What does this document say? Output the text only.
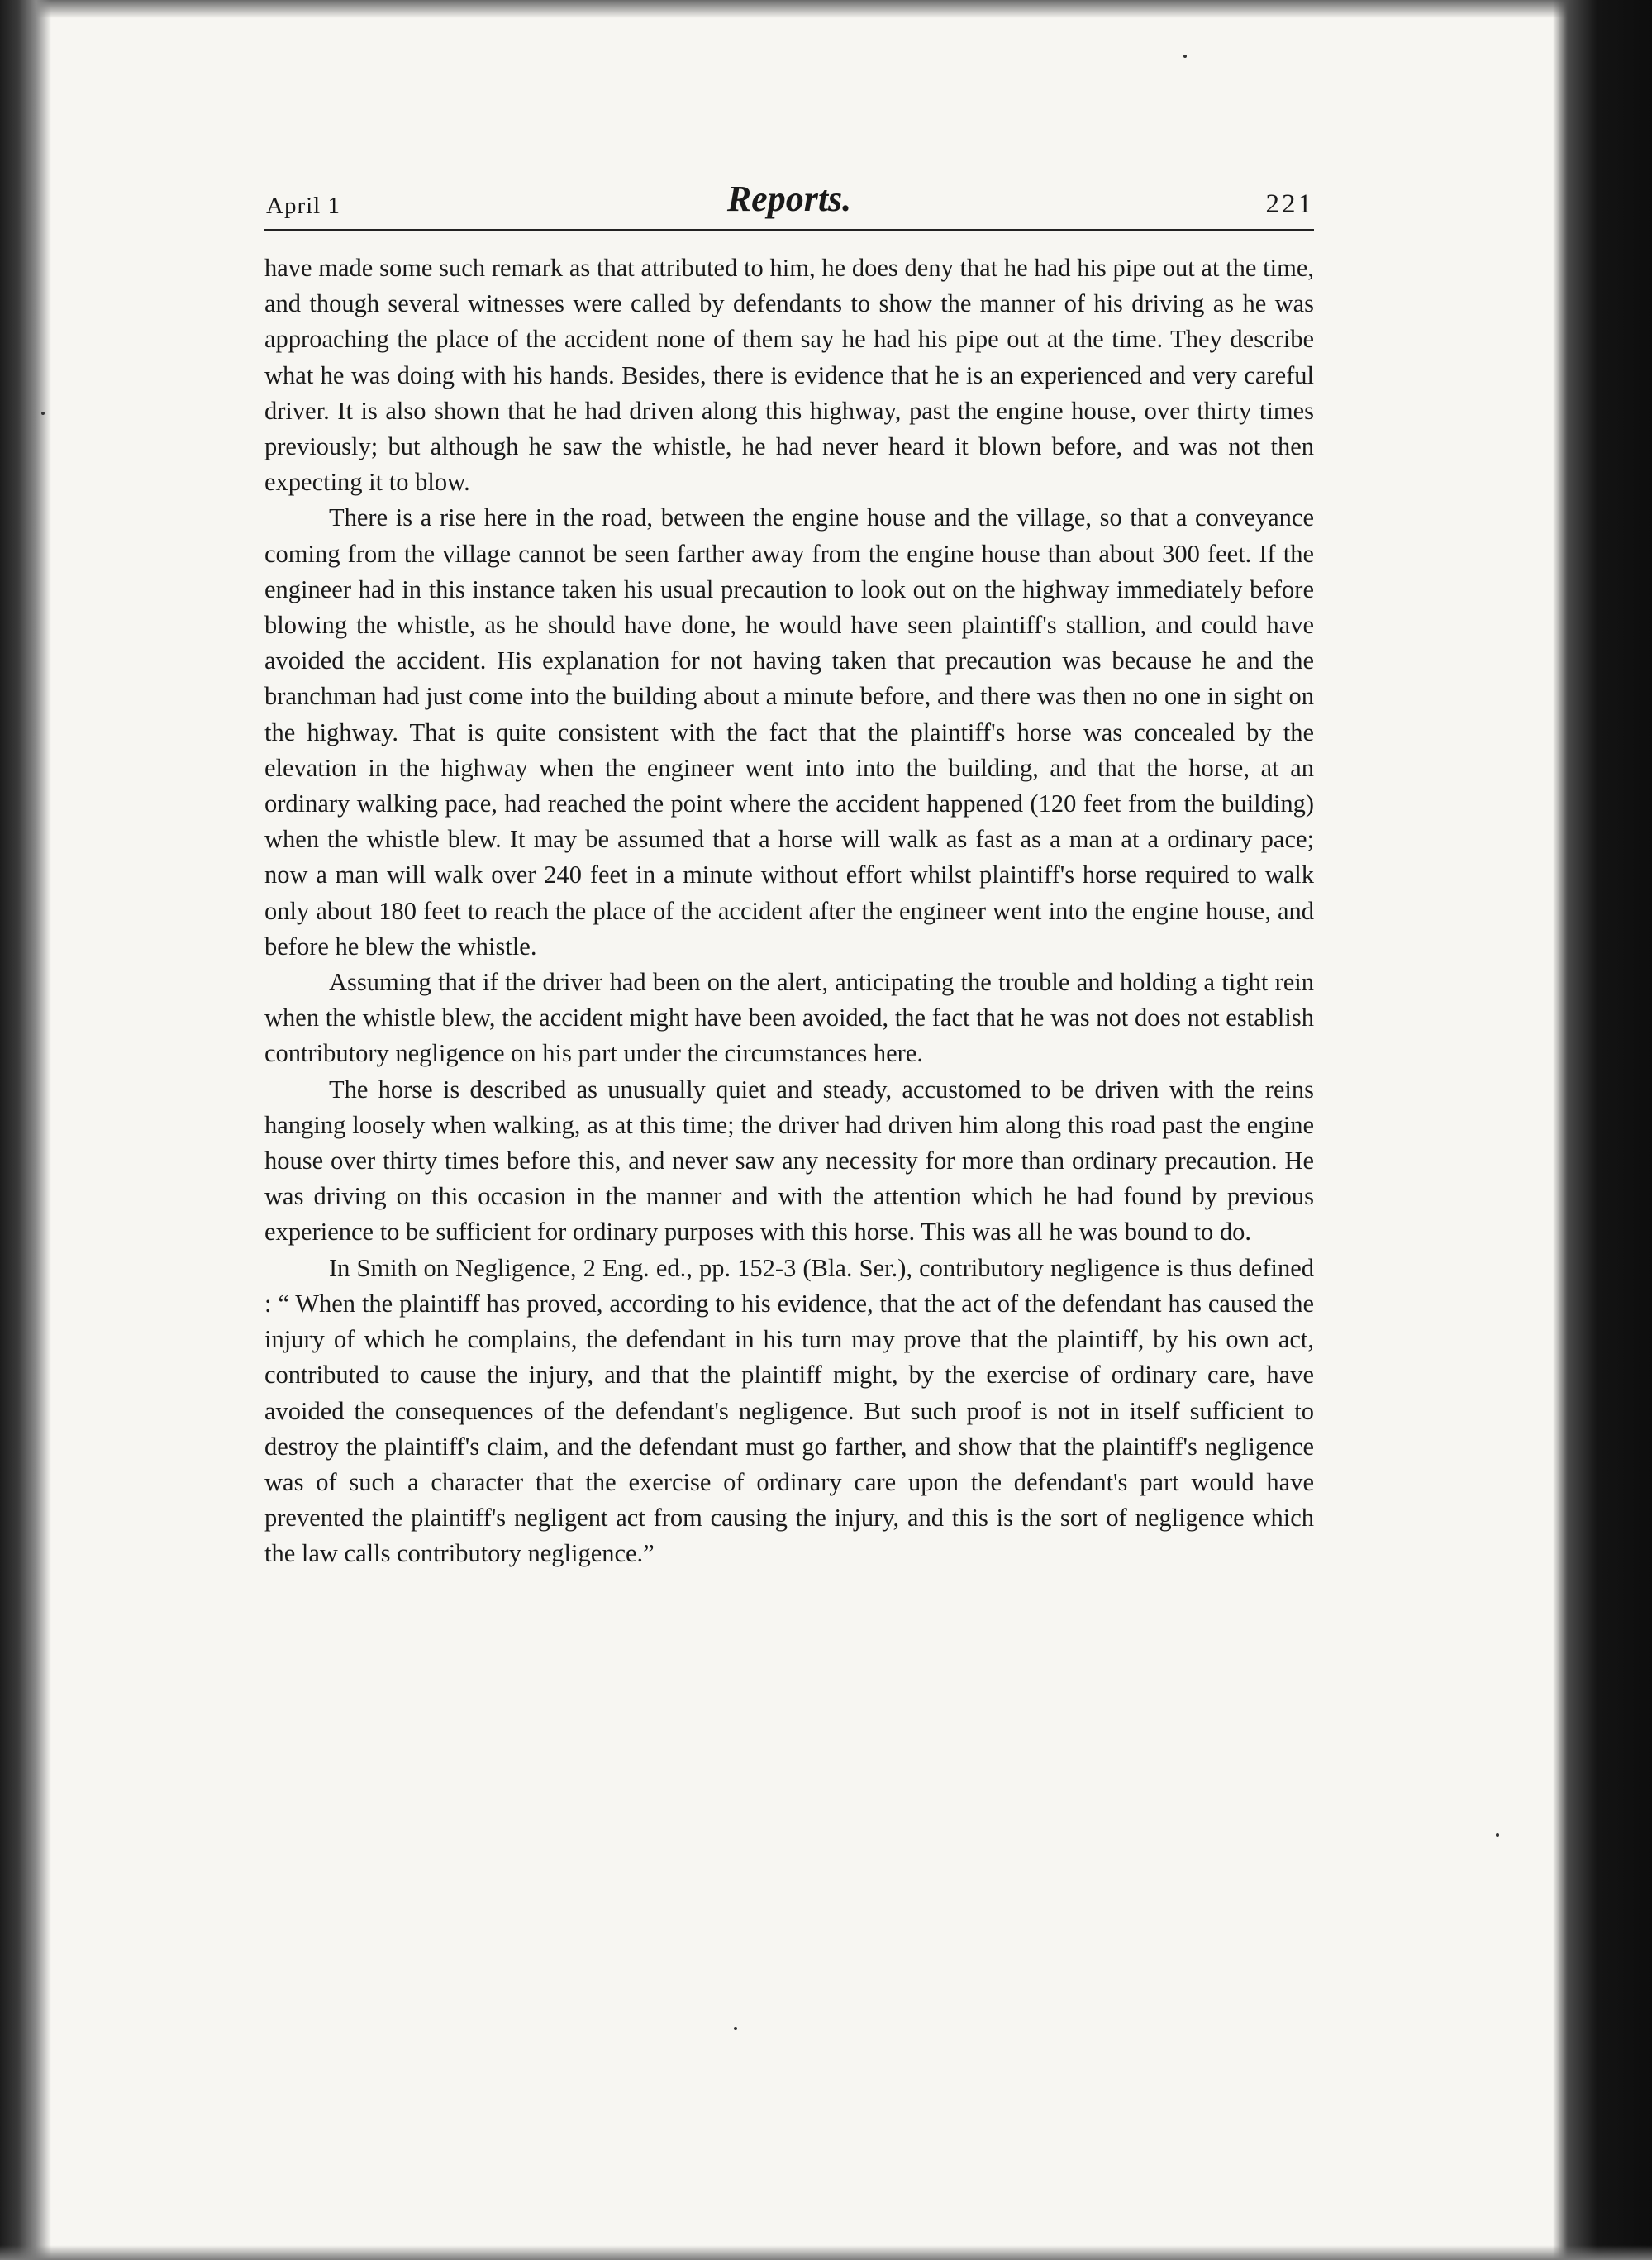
April 1	Reports.	221

have made some such remark as that attributed to him, he does deny that he had his pipe out at the time, and though several witnesses were called by defendants to show the manner of his driving as he was approaching the place of the accident none of them say he had his pipe out at the time. They describe what he was doing with his hands. Besides, there is evidence that he is an experienced and very careful driver. It is also shown that he had driven along this highway, past the engine house, over thirty times previously; but although he saw the whistle, he had never heard it blown before, and was not then expecting it to blow.

There is a rise here in the road, between the engine house and the village, so that a conveyance coming from the village cannot be seen farther away from the engine house than about 300 feet. If the engineer had in this instance taken his usual precaution to look out on the highway immediately before blowing the whistle, as he should have done, he would have seen plaintiff's stallion, and could have avoided the accident. His explanation for not having taken that precaution was because he and the branchman had just come into the building about a minute before, and there was then no one in sight on the highway. That is quite consistent with the fact that the plaintiff's horse was concealed by the elevation in the highway when the engineer went into into the building, and that the horse, at an ordinary walking pace, had reached the point where the accident happened (120 feet from the building) when the whistle blew. It may be assumed that a horse will walk as fast as a man at a ordinary pace; now a man will walk over 240 feet in a minute without effort whilst plaintiff's horse required to walk only about 180 feet to reach the place of the accident after the engineer went into the engine house, and before he blew the whistle.

Assuming that if the driver had been on the alert, anticipating the trouble and holding a tight rein when the whistle blew, the accident might have been avoided, the fact that he was not does not establish contributory negligence on his part under the circumstances here.

The horse is described as unusually quiet and steady, accustomed to be driven with the reins hanging loosely when walking, as at this time; the driver had driven him along this road past the engine house over thirty times before this, and never saw any necessity for more than ordinary precaution. He was driving on this occasion in the manner and with the attention which he had found by previous experience to be sufficient for ordinary purposes with this horse. This was all he was bound to do.

In Smith on Negligence, 2 Eng. ed., pp. 152-3 (Bla. Ser.), contributory negligence is thus defined : “ When the plaintiff has proved, according to his evidence, that the act of the defendant has caused the injury of which he complains, the defendant in his turn may prove that the plaintiff, by his own act, contributed to cause the injury, and that the plaintiff might, by the exercise of ordinary care, have avoided the consequences of the defendant's negligence. But such proof is not in itself sufficient to destroy the plaintiff's claim, and the defendant must go farther, and show that the plaintiff's negligence was of such a character that the exercise of ordinary care upon the defendant's part would have prevented the plaintiff's negligent act from causing the injury, and this is the sort of negligence which the law calls contributory negligence.”
